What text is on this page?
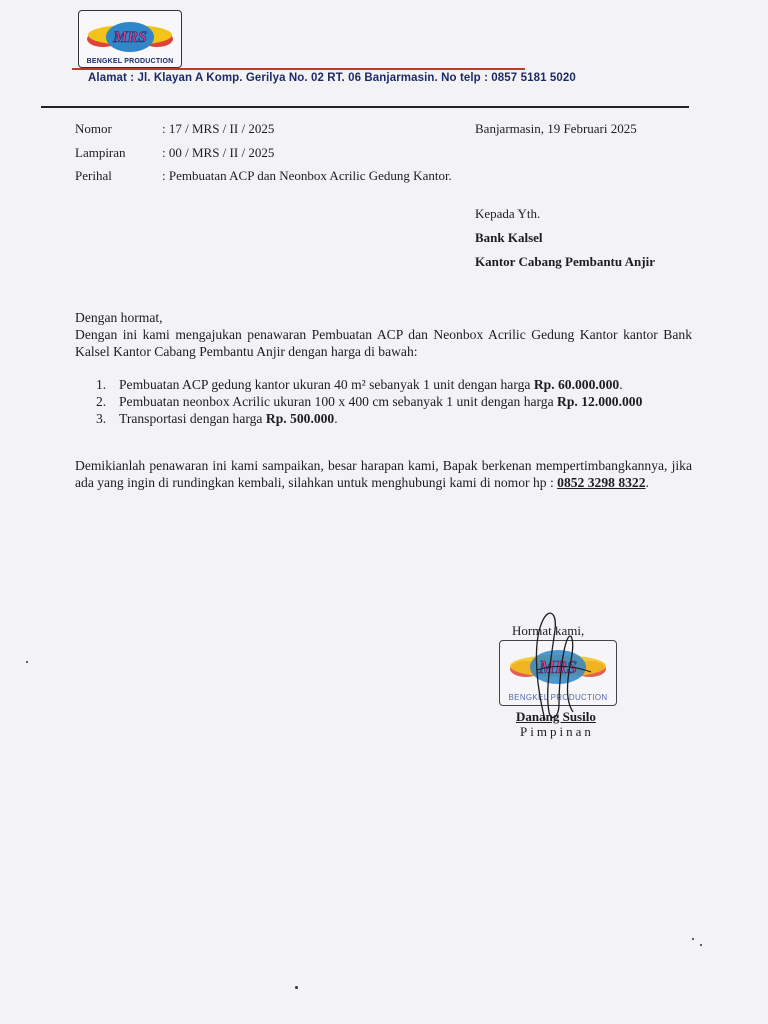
MRS
BENGKEL PRODUCTION
Alamat : Jl. Klayan A Komp. Gerilya No. 02 RT. 06 Banjarmasin. No telp : 0857 5181 5020
Nomor	: 17 / MRS / II / 2025
Lampiran	: 00 / MRS / II / 2025
Perihal	: Pembuatan ACP dan Neonbox Acrilic Gedung Kantor.
Banjarmasin, 19 Februari 2025
Kepada Yth.
Bank Kalsel
Kantor Cabang Pembantu Anjir
Dengan hormat,
Dengan ini kami mengajukan penawaran Pembuatan ACP dan Neonbox Acrilic Gedung Kantor kantor Bank Kalsel Kantor Cabang Pembantu Anjir dengan harga di bawah:
1. Pembuatan ACP gedung kantor ukuran 40 m² sebanyak 1 unit dengan harga Rp. 60.000.000.
2. Pembuatan neonbox Acrilic ukuran 100 x 400 cm sebanyak 1 unit dengan harga Rp. 12.000.000
3. Transportasi dengan harga Rp. 500.000.
Demikianlah penawaran ini kami sampaikan, besar harapan kami, Bapak berkenan mempertimbangkannya, jika ada yang ingin di rundingkan kembali, silahkan untuk menghubungi kami di nomor hp : 0852 3298 8322.
Hormat kami,
MRS
BENGKEL PRODUCTION
Danang Susilo
Pimpinan
